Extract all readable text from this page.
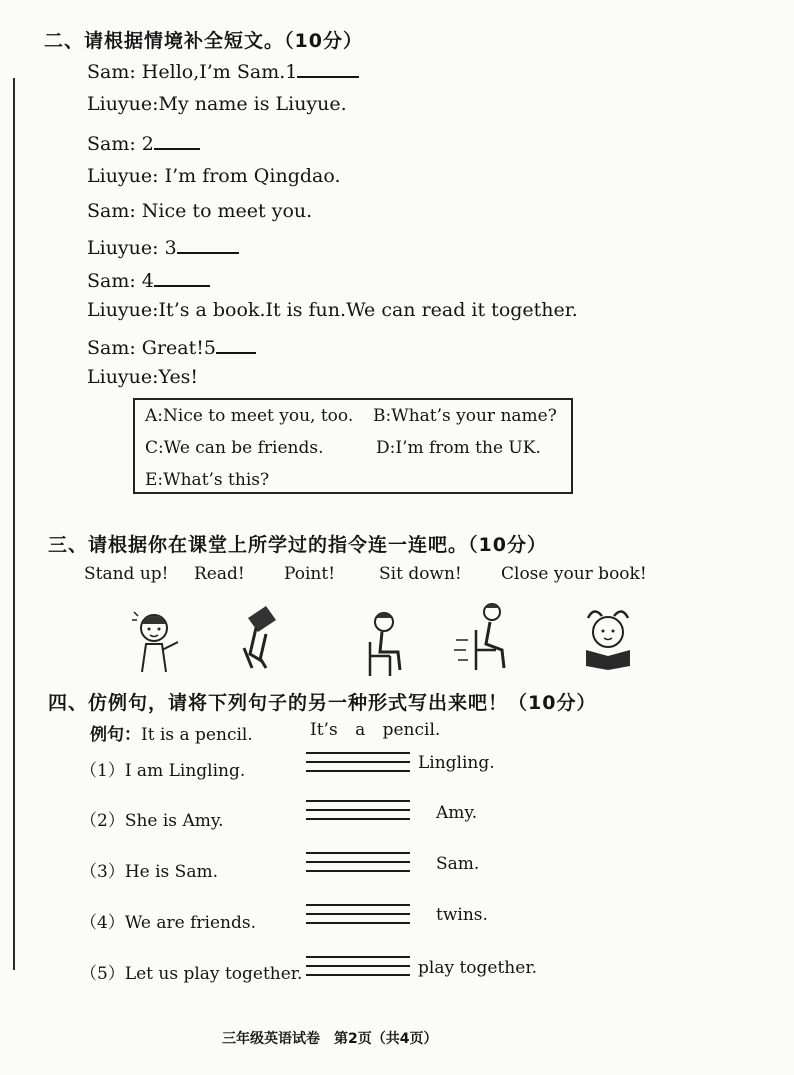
二、请根据情境补全短文。（10分）
Sam: Hello,I’m Sam.1
Liuyue:My name is Liuyue.
Sam: 2
Liuyue: I’m from Qingdao.
Sam: Nice to meet you.
Liuyue: 3
Sam: 4
Liuyue:It’s a book.It is fun.We can read it together.
Sam: Great!5
Liuyue:Yes!
A:Nice to meet you, too. B:What’s your name?
C:We can be friends.	D:I’m from the UK.
E:What’s this?
三、请根据你在课堂上所学过的指令连一连吧。（10分）
Stand up! Read! Point!	Sit down! Close your book!
四、仿例句，请将下列句子的另一种形式写出来吧！（10分）
例句：It is a pencil.	It’s a pencil.
（1）I am Lingling.	Lingling.
（2）She is Amy.	Amy.
（3）He is Sam.	Sam.
（4）We are friends.	twins.
（5）Let us play together.	play together.
三年级英语试卷　第2页（共4页）
